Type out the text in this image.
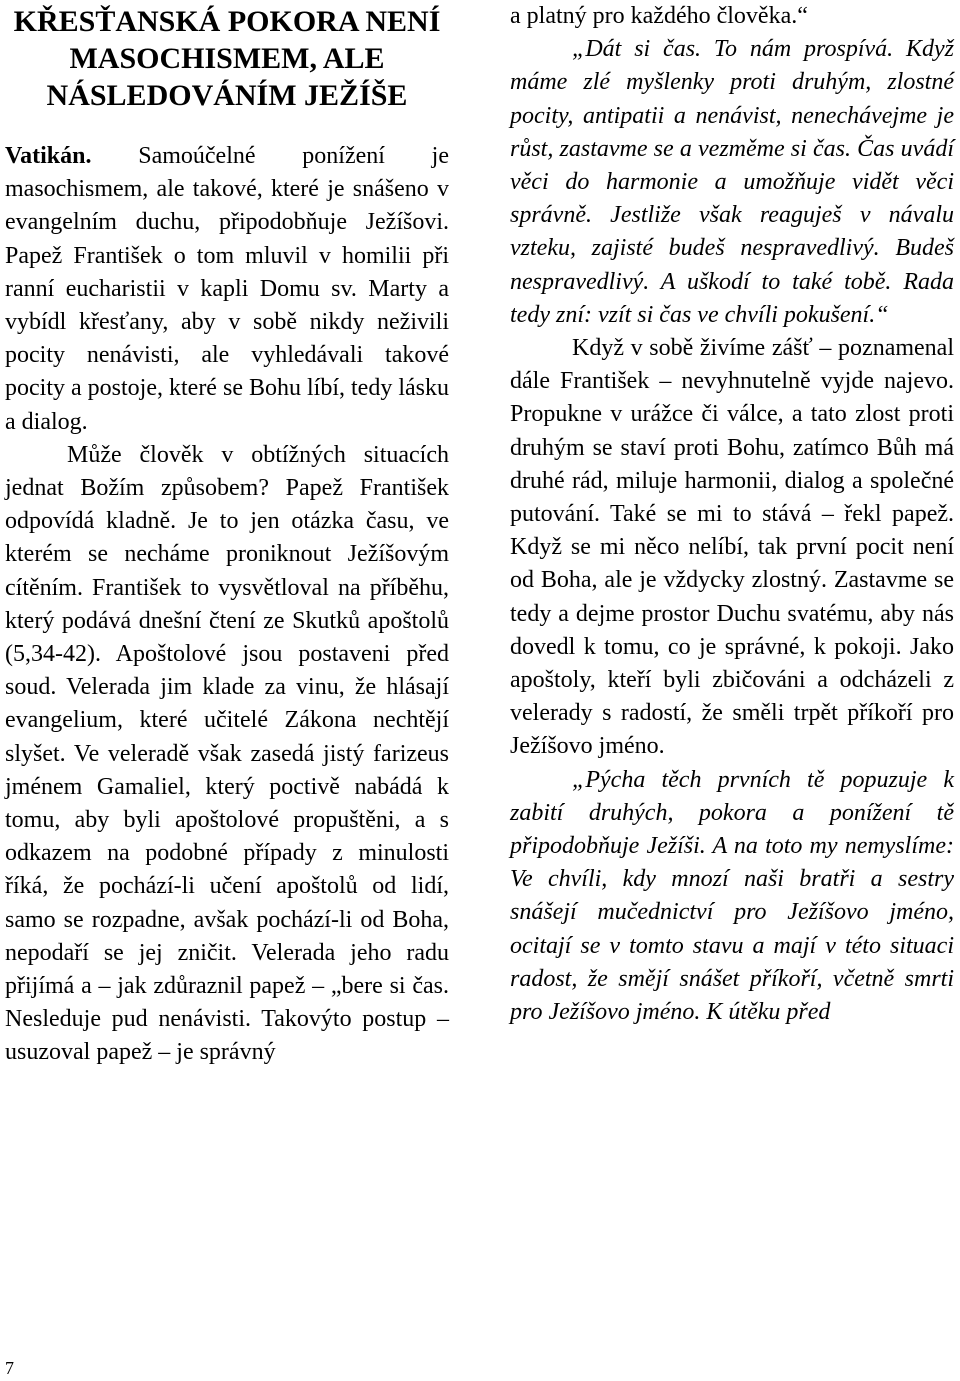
KŘESŤANSKÁ POKORA NENÍ MASOCHISMEM, ALE NÁSLEDOVÁNÍM JEŽÍŠE

Vatikán. Samoúčelné ponížení je masochismem, ale takové, které je snášeno v evangelním duchu, připodobňuje Ježíšovi. Papež František o tom mluvil v homilii při ranní eucharistii v kapli Domu sv. Marty a vybídl křesťany, aby v sobě nikdy neživili pocity nenávisti, ale vyhledávali takové pocity a postoje, které se Bohu líbí, tedy lásku a dialog.

Může člověk v obtížných situacích jednat Božím způsobem? Papež František odpovídá kladně. Je to jen otázka času, ve kterém se necháme proniknout Ježíšovým cítěním. František to vysvětloval na příběhu, který podává dnešní čtení ze Skutků apoštolů (5,34-42). Apoštolové jsou postaveni před soud. Velerada jim klade za vinu, že hlásají evangelium, které učitelé Zákona nechtějí slyšet. Ve veleradě však zasedá jistý farizeus jménem Gamaliel, který poctivě nabádá k tomu, aby byli apoštolové propuštěni, a s odkazem na podobné případy z minulosti říká, že pochází-li učení apoštolů od lidí, samo se rozpadne, avšak pochází-li od Boha, nepodaří se jej zničit. Velerada jeho radu přijímá a – jak zdůraznil papež – „bere si čas. Nesleduje pud nenávisti. Takovýto postup – usuzoval papež – je správný

a platný pro každého člověka.“

„Dát si čas. To nám prospívá. Když máme zlé myšlenky proti druhým, zlostné pocity, antipatii a nenávist, nenechávejme je růst, zastavme se a vezměme si čas. Čas uvádí věci do harmonie a umožňuje vidět věci správně. Jestliže však reaguješ v návalu vzteku, zajisté budeš nespravedlivý. Budeš nespravedlivý. A uškodí to také tobě. Rada tedy zní: vzít si čas ve chvíli pokušení.“

Když v sobě živíme zášť – poznamenal dále František – nevyhnutelně vyjde najevo. Propukne v urážce či válce, a tato zlost proti druhým se staví proti Bohu, zatímco Bůh má druhé rád, miluje harmonii, dialog a společné putování. Také se mi to stává – řekl papež. Když se mi něco nelíbí, tak první pocit není od Boha, ale je vždycky zlostný. Zastavme se tedy a dejme prostor Duchu svatému, aby nás dovedl k tomu, co je správné, k pokoji. Jako apoštoly, kteří byli zbičováni a odcházeli z velerady s radostí, že směli trpět příkoří pro Ježíšovo jméno.

„Pýcha těch prvních tě popuzuje k zabití druhých, pokora a ponížení tě připodobňuje Ježíši. A na toto my nemyslíme: Ve chvíli, kdy mnozí naši bratři a sestry snášejí mučednictví pro Ježíšovo jméno, ocitají se v tomto stavu a mají v této situaci radost, že smějí snášet příkoří, včetně smrti pro Ježíšovo jméno. K útěku před

7
